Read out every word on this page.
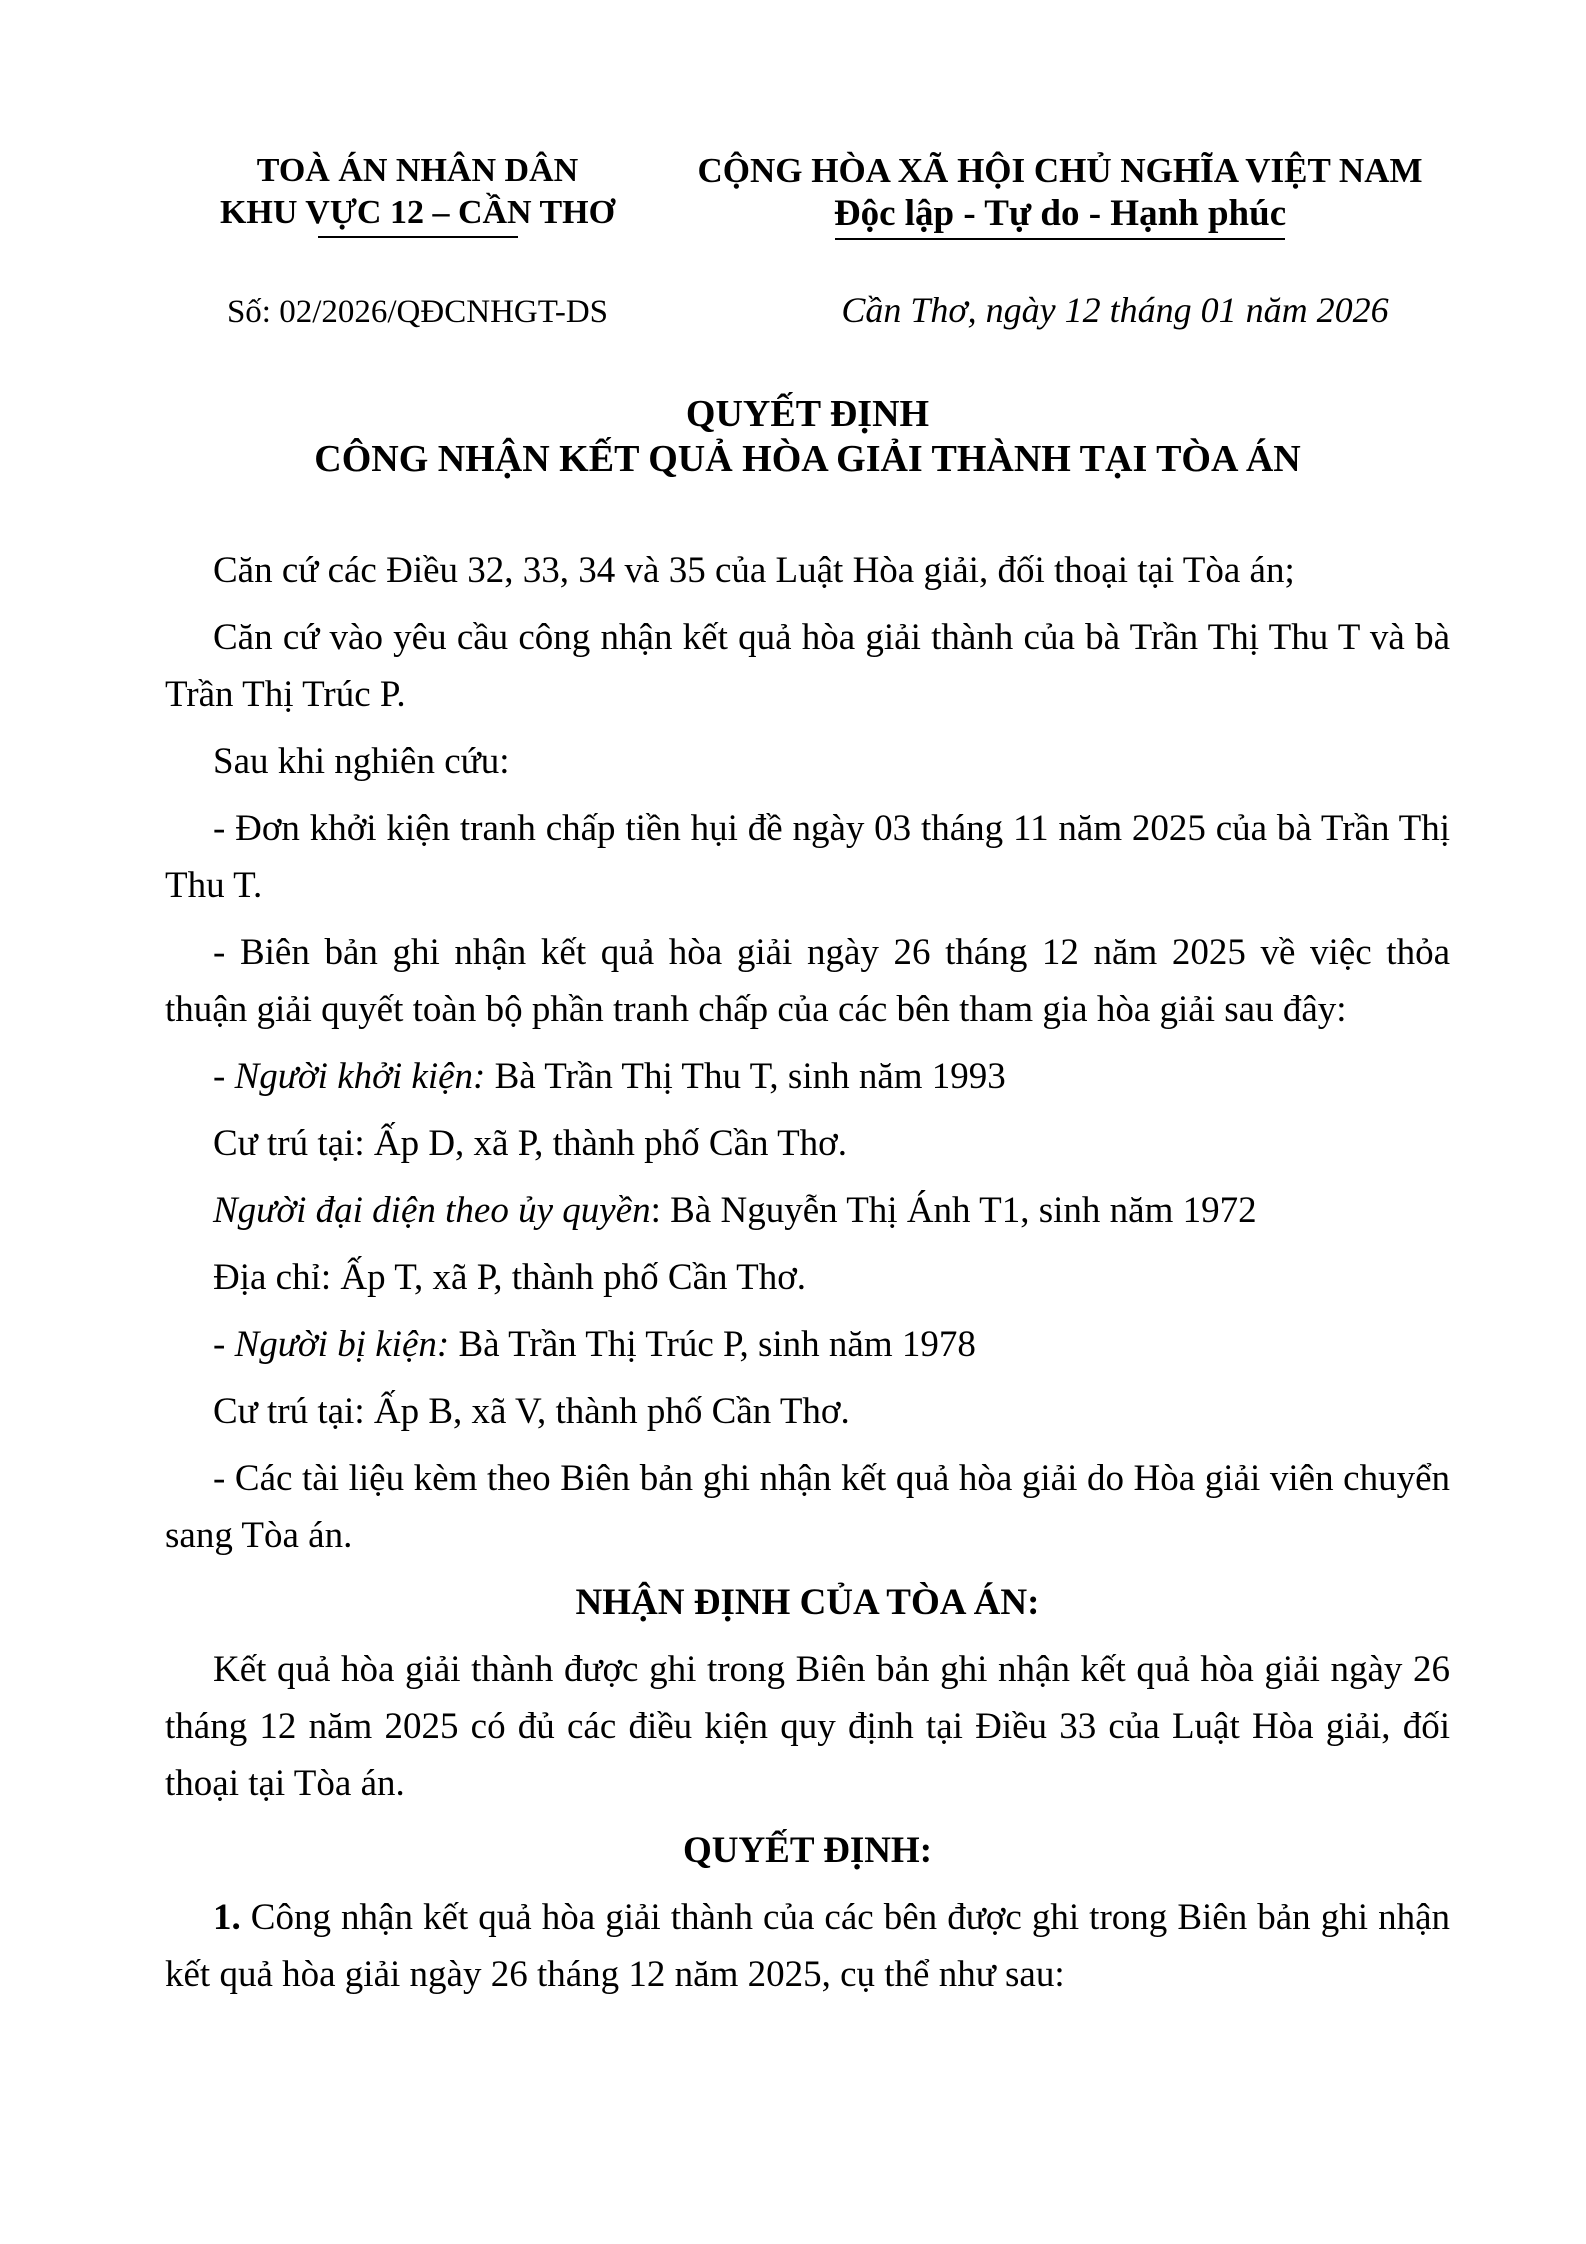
TOÀ ÁN NHÂN DÂN
KHU VỰC 12 – CẦN THƠ
CỘNG HÒA XÃ HỘI CHỦ NGHĨA VIỆT NAM
Độc lập - Tự do - Hạnh phúc
Số: 02/2026/QĐCNHGT-DS	Cần Thơ, ngày 12 tháng 01 năm 2026
QUYẾT ĐỊNH
CÔNG NHẬN KẾT QUẢ HÒA GIẢI THÀNH TẠI TÒA ÁN

Căn cứ các Điều 32, 33, 34 và 35 của Luật Hòa giải, đối thoại tại Tòa án;

Căn cứ vào yêu cầu công nhận kết quả hòa giải thành của bà Trần Thị Thu T và bà Trần Thị Trúc P.

Sau khi nghiên cứu:

- Đơn khởi kiện tranh chấp tiền hụi đề ngày 03 tháng 11 năm 2025 của bà Trần Thị Thu T.

- Biên bản ghi nhận kết quả hòa giải ngày 26 tháng 12 năm 2025 về việc thỏa thuận giải quyết toàn bộ phần tranh chấp của các bên tham gia hòa giải sau đây:

- Người khởi kiện: Bà Trần Thị Thu T, sinh năm 1993

Cư trú tại: Ấp D, xã P, thành phố Cần Thơ.

Người đại diện theo ủy quyền: Bà Nguyễn Thị Ánh T1, sinh năm 1972

Địa chỉ: Ấp T, xã P, thành phố Cần Thơ.

- Người bị kiện: Bà Trần Thị Trúc P, sinh năm 1978

Cư trú tại: Ấp B, xã V, thành phố Cần Thơ.

- Các tài liệu kèm theo Biên bản ghi nhận kết quả hòa giải do Hòa giải viên chuyển sang Tòa án.

NHẬN ĐỊNH CỦA TÒA ÁN:

Kết quả hòa giải thành được ghi trong Biên bản ghi nhận kết quả hòa giải ngày 26 tháng 12 năm 2025 có đủ các điều kiện quy định tại Điều 33 của Luật Hòa giải, đối thoại tại Tòa án.

QUYẾT ĐỊNH:

1. Công nhận kết quả hòa giải thành của các bên được ghi trong Biên bản ghi nhận kết quả hòa giải ngày 26 tháng 12 năm 2025, cụ thể như sau:
